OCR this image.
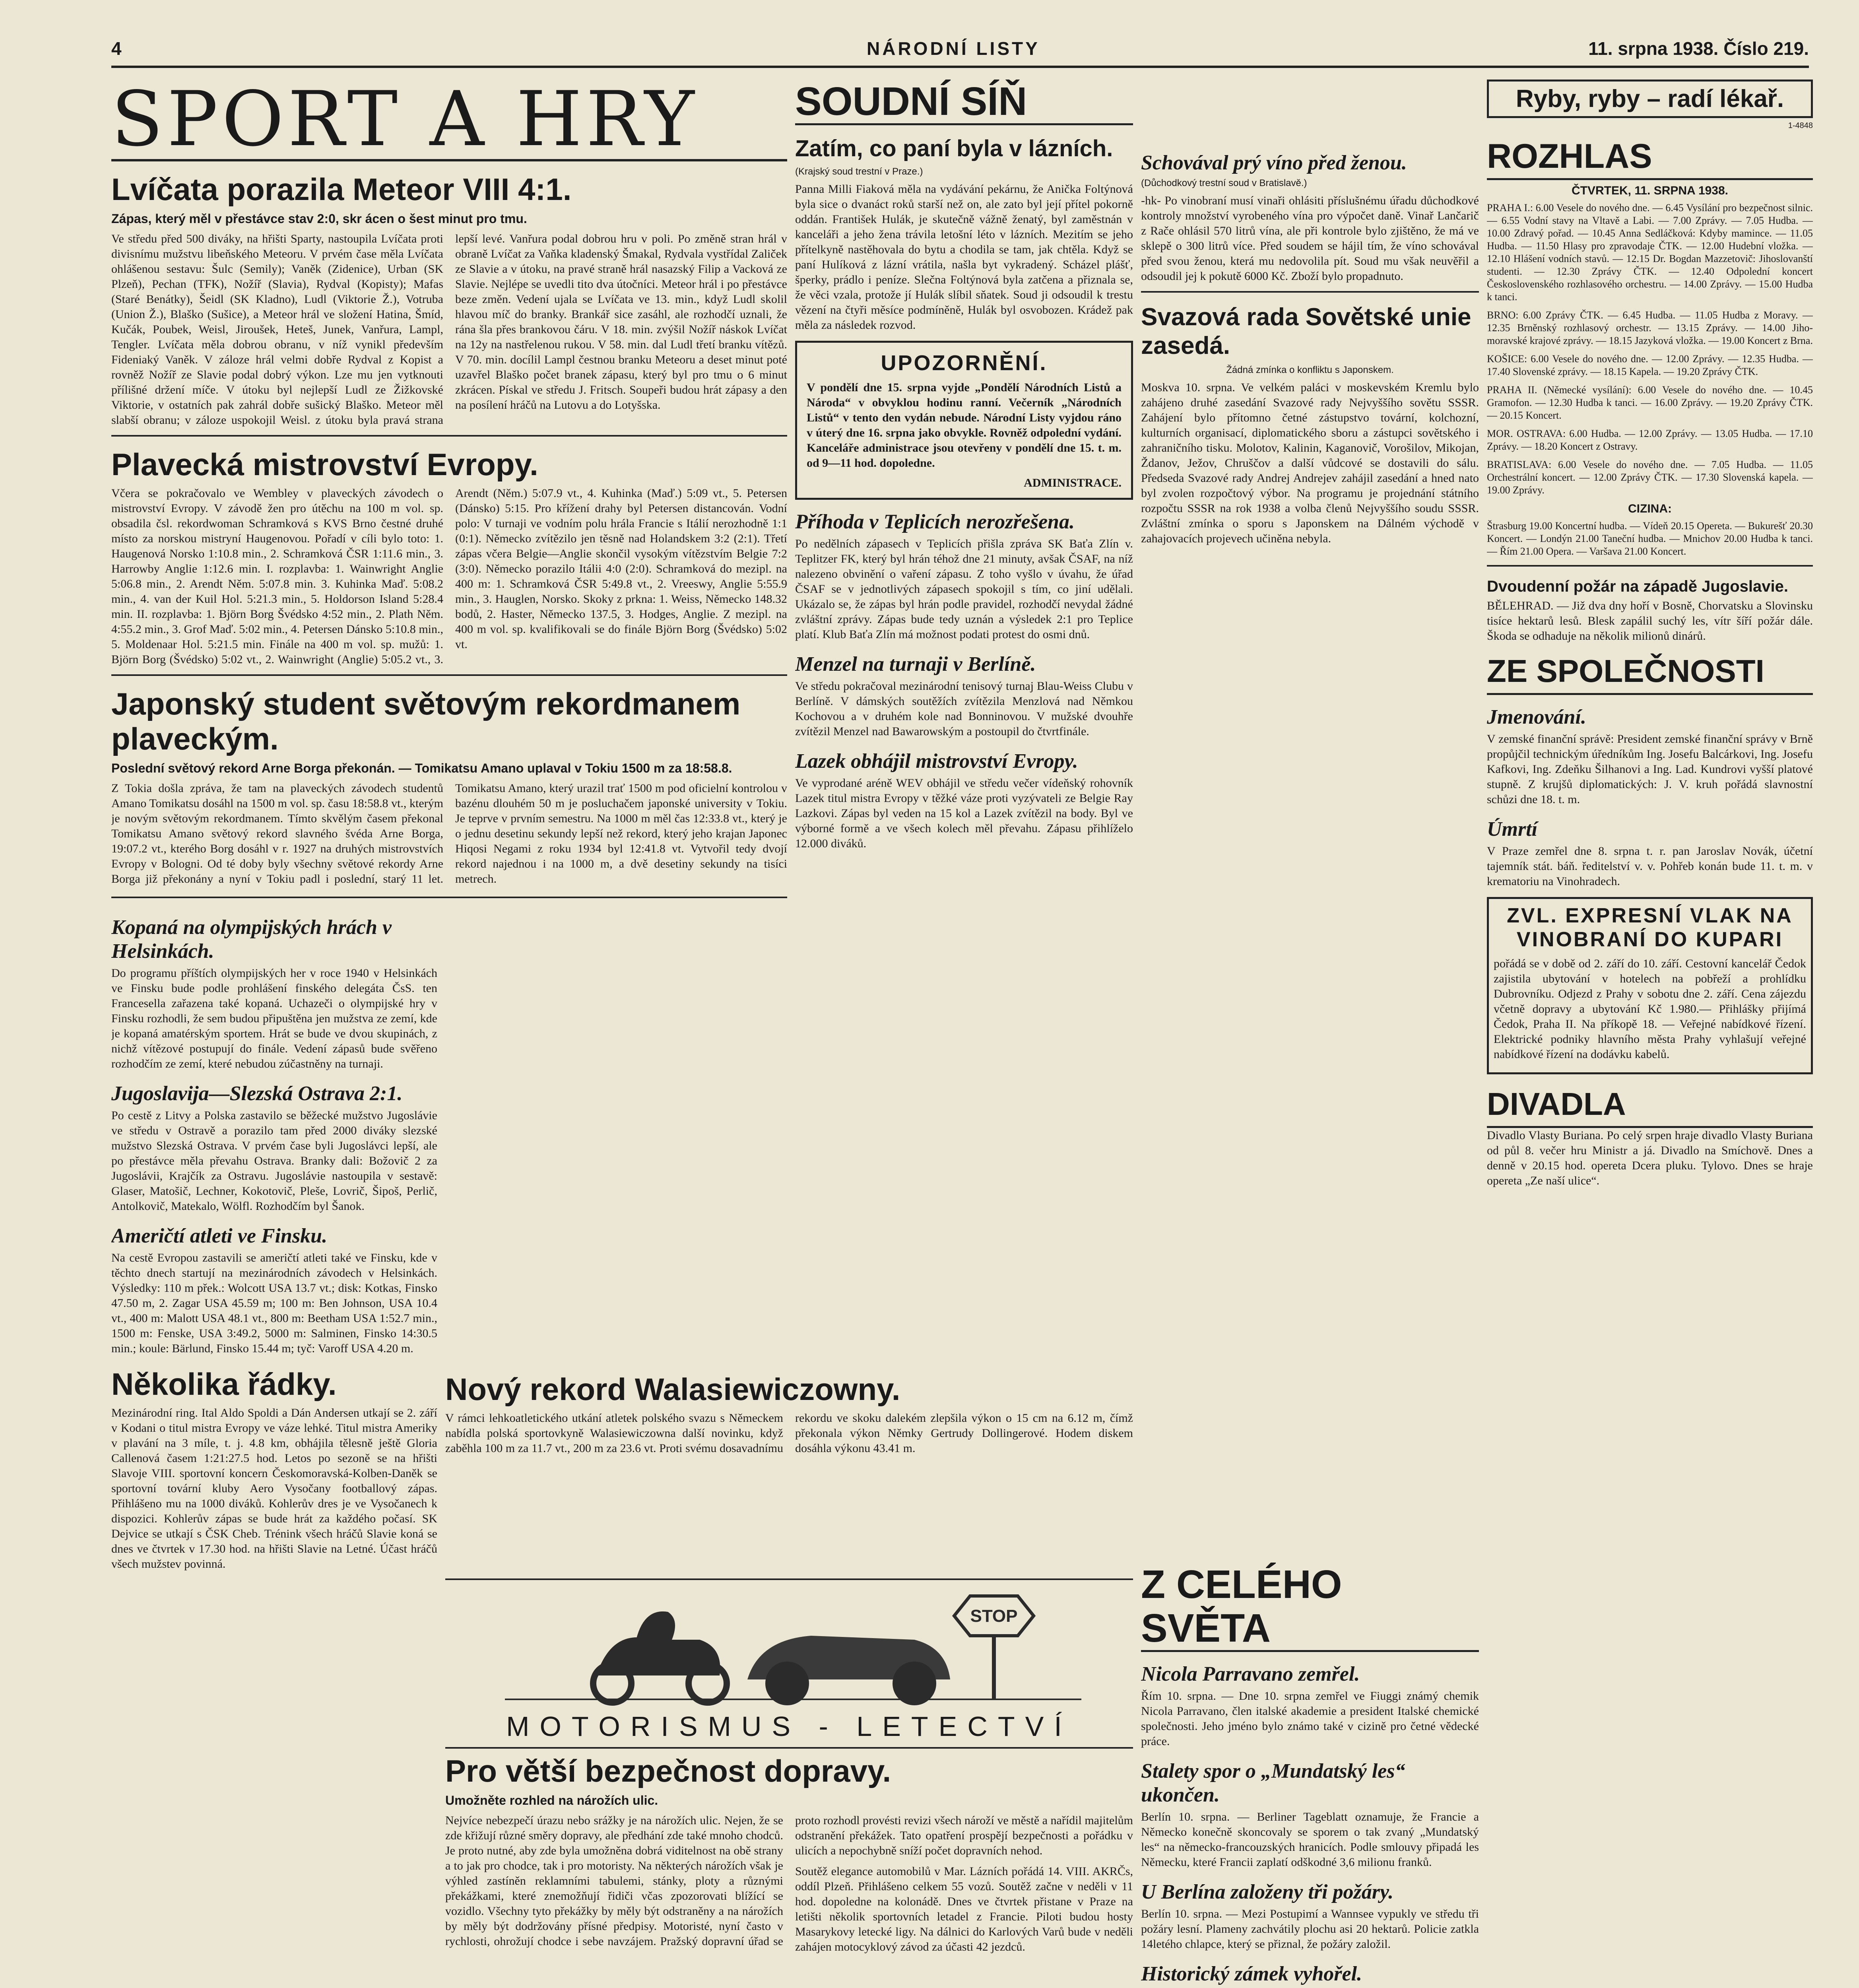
4	NÁRODNÍ LISTY	11. srpna 1938. Číslo 219.
SPORT A HRY
Lvíčata porazila Meteor VIII 4:1.

Zápas, který měl v přestávce stav 2:0, skr ácen o šest minut pro tmu.

Ve středu před 500 diváky, na hřišti Sparty, nastoupila Lvíčata proti divisnímu mužstvu libeňského Meteoru. V prvém čase měla Lvíčata ohlášenou sestavu: Šulc (Semily); Vaněk (Zidenice), Urban (SK Plzeň), Pechan (TFK), Nožíř (Slavia), Rydval (Kopisty); Mafas (Staré Benátky), Šeidl (SK Kladno), Ludl (Viktorie Ž.), Votruba (Union Ž.), Blaško (Sušice), a Meteor hrál ve složení Hatina, Šmíd, Kučák, Poubek, Weisl, Jiroušek, Heteš, Junek, Vanřura, Lampl, Tengler. Lvíčata měla dobrou obranu, v níž vynikl především Fideniaký Vaněk. V záloze hrál velmi dobře Rydval z Kopist a rovněž Nožíř ze Slavie podal dobrý výkon. Lze mu jen vytknouti přílišné držení míče. V útoku byl nejlepší Ludl ze Žižkovské Viktorie, v ostatních pak zahrál dobře sušický Blaško. Meteor měl slabší obranu; v záloze uspokojil Weisl. z útoku byla pravá strana lepší levé. Vanřura podal dobrou hru v poli. Po změně stran hrál v obraně Lvíčat za Vaňka kladenský Šmakal, Rydvala vystřídal Zaliček ze Slavie a v útoku, na pravé straně hrál nasazský Filip a Vacková ze Slavie. Nejlépe se uvedli tito dva útočníci. Meteor hrál i po přestávce beze změn. Vedení ujala se Lvíčata ve 13. min., když Ludl skolil hlavou míč do branky. Brankář sice zasáhl, ale rozhodčí uznali, že rána šla přes brankovou čáru. V 18. min. zvýšil Nožíř náskok Lvíčat na 12y na nastřelenou rukou. V 58. min. dal Ludl třetí branku vítězů. V 70. min. docílil Lampl čestnou branku Meteoru a deset minut poté uzavřel Blaško počet branek zápasu, který byl pro tmu o 6 minut zkrácen. Pískal ve středu J. Fritsch. Soupeři budou hrát zápasy a den na posílení hráčů na Lutovu a do Lotyšska.

Plavecká mistrovství Evropy.

Včera se pokračovalo ve Wembley v plaveckých závodech o mistrovství Evropy. V závodě žen pro útěchu na 100 m vol. sp. obsadila čsl. rekordwoman Schramková s KVS Brno čestné druhé místo za norskou mistryní Haugenovou. Pořadí v cíli bylo toto: 1. Haugenová Norsko 1:10.8 min., 2. Schramková ČSR 1:11.6 min., 3. Harrowby Anglie 1:12.6 min. I. rozplavba: 1. Wainwright Anglie 5:06.8 min., 2. Arendt Něm. 5:07.8 min. 3. Kuhinka Maď. 5:08.2 min., 4. van der Kuil Hol. 5:21.3 min., 5. Holdorson Island 5:28.4 min. II. rozplavba: 1. Björn Borg Švédsko 4:52 min., 2. Plath Něm. 4:55.2 min., 3. Grof Maď. 5:02 min., 4. Petersen Dánsko 5:10.8 min., 5. Moldenaar Hol. 5:21.5 min. Finále na 400 m vol. sp. mužů: 1. Björn Borg (Švédsko) 5:02 vt., 2. Wainwright (Anglie) 5:05.2 vt., 3. Arendt (Něm.) 5:07.9 vt., 4. Kuhinka (Maď.) 5:09 vt., 5. Petersen (Dánsko) 5:15. Pro křížení drahy byl Petersen distancován. Vodní polo: V turnaji ve vodním polu hrála Francie s Itálií nerozhodně 1:1 (0:1). Německo zvítězilo jen těsně nad Holandskem 3:2 (2:1). Třetí zápas včera Belgie—Anglie skončil vysokým vítězstvím Belgie 7:2 (3:0). Německo porazilo Itálii 4:0 (2:0). Schramková do mezipl. na 400 m: 1. Schramková ČSR 5:49.8 vt., 2. Vreeswy, Anglie 5:55.9 min., 3. Hauglen, Norsko. Skoky z prkna: 1. Weiss, Německo 148.32 bodů, 2. Haster, Německo 137.5, 3. Hodges, Anglie. Z mezipl. na 400 m vol. sp. kvalifikovali se do finále Björn Borg (Švédsko) 5:02 vt.

Japonský student světovým rekordmanem plaveckým.

Poslední světový rekord Arne Borga překonán. — Tomikatsu Amano uplaval v Tokiu 1500 m za 18:58.8.

Z Tokia došla zpráva, že tam na plaveckých závodech studentů Amano Tomikatsu dosáhl na 1500 m vol. sp. času 18:58.8 vt., kterým je novým světovým rekordmanem. Tímto skvělým časem překonal Tomikatsu Amano světový rekord slavného švéda Arne Borga, 19:07.2 vt., kterého Borg dosáhl v r. 1927 na druhých mistrovstvích Evropy v Bologni. Od té doby byly všechny světové rekordy Arne Borga již překonány a nyní v Tokiu padl i poslední, starý 11 let. Tomikatsu Amano, který urazil trať 1500 m pod oficielní kontrolou v bazénu dlouhém 50 m je posluchačem japonské university v Tokiu. Je teprve v prvním semestru. Na 1000 m měl čas 12:33.8 vt., který je o jednu desetinu sekundy lepší než rekord, který jeho krajan Japonec Hiqosi Negami z roku 1934 byl 12:41.8 vt. Vytvořil tedy dvojí rekord najednou i na 1000 m, a dvě desetiny sekundy na tisíci metrech.

Kopaná na olympijských hrách v Helsinkách.

Do programu příštích olympijských her v roce 1940 v Helsinkách ve Finsku bude podle prohlášení finského delegáta ČsS. ten Francesella zařazena také kopaná. Uchazeči o olympijské hry v Finsku rozhodli, že sem budou připuštěna jen mužstva ze zemí, kde je kopaná amatérským sportem. Hrát se bude ve dvou skupinách, z nichž vítězové postupují do finále. Vedení zápasů bude svěřeno rozhodčím ze zemí, které nebudou zúčastněny na turnaji.

Jugoslavija—Slezská Ostrava 2:1.

Po cestě z Litvy a Polska zastavilo se běžecké mužstvo Jugoslávie ve středu v Ostravě a porazilo tam před 2000 diváky slezské mužstvo Slezská Ostrava. V prvém čase byli Jugoslávci lepší, ale po přestávce měla převahu Ostrava. Branky dali: Božovič 2 za Jugoslávii, Krajčík za Ostravu. Jugoslávie nastoupila v sestavě: Glaser, Matošič, Lechner, Kokotovič, Pleše, Lovrič, Šipoš, Perlič, Antolkovič, Matekalo, Wölfl. Rozhodčím byl Šanok.

Američtí atleti ve Finsku.

Na cestě Evropou zastavili se američtí atleti také ve Finsku, kde v těchto dnech startují na mezinárodních závodech v Helsinkách. Výsledky: 110 m přek.: Wolcott USA 13.7 vt.; disk: Kotkas, Finsko 47.50 m, 2. Zagar USA 45.59 m; 100 m: Ben Johnson, USA 10.4 vt., 400 m: Malott USA 48.1 vt., 800 m: Beetham USA 1:52.7 min., 1500 m: Fenske, USA 3:49.2, 5000 m: Salminen, Finsko 14:30.5 min.; koule: Bärlund, Finsko 15.44 m; tyč: Varoff USA 4.20 m.

Několika řádky.

Mezinárodní ring. Ital Aldo Spoldi a Dán Andersen utkají se 2. září v Kodani o titul mistra Evropy ve váze lehké. Titul mistra Ameriky v plavání na 3 míle, t. j. 4.8 km, obhájila tělesně ještě Gloria Callenová časem 1:21:27.5 hod. Letos po sezoně se na hřišti Slavoje VIII. sportovní koncern Českomoravská-Kolben-Daněk se sportovní tovární kluby Aero Vysočany footballový zápas. Přihlášeno mu na 1000 diváků. Kohlerův dres je ve Vysočanech k dispozici. Kohlerův zápas se bude hrát za každého počasí. SK Dejvice se utkají s ČSK Cheb. Trénink všech hráčů Slavie koná se dnes ve čtvrtek v 17.30 hod. na hřišti Slavie na Letné. Účast hráčů všech mužstev povinná.

Nový rekord Walasiewiczowny.

V rámci lehkoatletického utkání atletek polského svazu s Německem nabídla polská sportovkyně Walasiewiczowna další novinku, když zaběhla 100 m za 11.7 vt., 200 m za 23.6 vt. Proti svému dosavadnímu rekordu ve skoku dalekém zlepšila výkon o 15 cm na 6.12 m, čímž překonala výkon Němky Gertrudy Dollingerové. Hodem diskem dosáhla výkonu 43.41 m.

STOP
MOTORISMUS - LETECTVÍ
Pro větší bezpečnost dopravy.

Umožněte rozhled na nárožích ulic.

Nejvíce nebezpečí úrazu nebo srážky je na nárožích ulic. Nejen, že se zde křižují různé směry dopravy, ale předhání zde také mnoho chodců. Je proto nutné, aby zde byla umožněna dobrá viditelnost na obě strany a to jak pro chodce, tak i pro motoristy. Na některých nárožích však je výhled zastíněn reklamními tabulemi, stánky, ploty a různými překážkami, které znemožňují řidiči včas zpozorovati blížící se vozidlo. Všechny tyto překážky by měly být odstraněny a na nárožích by měly být dodržovány přísné předpisy. Motoristé, nyní často v rychlosti, ohrožují chodce i sebe navzájem. Pražský dopravní úřad se proto rozhodl provésti revizi všech nároží ve městě a nařídil majitelům odstranění překážek. Tato opatření prospějí bezpečnosti a pořádku v ulicích a nepochybně sníží počet dopravních nehod.

Soutěž elegance automobilů v Mar. Lázních pořádá 14. VIII. AKRČs, oddíl Plzeň. Přihlášeno celkem 55 vozů. Soutěž začne v neděli v 11 hod. dopoledne na kolonádě. Dnes ve čtvrtek přistane v Praze na letišti několik sportovních letadel z Francie. Piloti budou hosty Masarykovy letecké ligy. Na dálnici do Karlových Varů bude v neděli zahájen motocyklový závod za účasti 42 jezdců.

SOUDNÍ SÍŇ
Zatím, co paní byla v lázních.

(Krajský soud trestní v Praze.)

Panna Milli Fiaková měla na vydávání pekárnu, že Anička Foltýnová byla sice o dvanáct roků starší než on, ale zato byl její přítel pokorně oddán. František Hulák, je skutečně vážně ženatý, byl zaměstnán v kanceláři a jeho žena trávila letošní léto v lázních. Mezitím se jeho přítelkyně nastěhovala do bytu a chodila se tam, jak chtěla. Když se paní Hulíková z lázní vrátila, našla byt vykradený. Scházel plášť, šperky, prádlo i peníze. Slečna Foltýnová byla zatčena a přiznala se, že věci vzala, protože jí Hulák slíbil sňatek. Soud ji odsoudil k trestu vězení na čtyři měsíce podmíněně, Hulák byl osvobozen. Krádež pak měla za následek rozvod.

UPOZORNĚNÍ.

V pondělí dne 15. srpna vyjde „Pondělí Národních Listů a Národa“ v obvyklou hodinu ranní. Večerník „Národních Listů“ v tento den vydán nebude. Národní Listy vyjdou ráno v úterý dne 16. srpna jako obvykle. Rovněž odpolední vydání. Kanceláře administrace jsou otevřeny v pondělí dne 15. t. m. od 9—11 hod. dopoledne.

ADMINISTRACE.

Příhoda v Teplicích nerozřešena.

Po nedělních zápasech v Teplicích přišla zpráva SK Baťa Zlín v. Teplitzer FK, který byl hrán téhož dne 21 minuty, avšak ČSAF, na níž nalezeno obvinění o vaření zápasu. Z toho vyšlo v úvahu, že úřad ČSAF se v jednotlivých zápasech spokojil s tím, co jiní udělali. Ukázalo se, že zápas byl hrán podle pravidel, rozhodčí nevydal žádné zvláštní zprávy. Zápas bude tedy uznán a výsledek 2:1 pro Teplice platí. Klub Baťa Zlín má možnost podati protest do osmi dnů.

Menzel na turnaji v Berlíně.

Ve středu pokračoval mezinárodní tenisový turnaj Blau-Weiss Clubu v Berlíně. V dámských soutěžích zvítězila Menzlová nad Němkou Kochovou a v druhém kole nad Bonninovou. V mužské dvouhře zvítězil Menzel nad Bawarowským a postoupil do čtvrtfinále.

Lazek obhájil mistrovství Evropy.

Ve vyprodané aréně WEV obhájil ve středu večer vídeňský rohovník Lazek titul mistra Evropy v těžké váze proti vyzývateli ze Belgie Ray Lazkovi. Zápas byl veden na 15 kol a Lazek zvítězil na body. Byl ve výborné formě a ve všech kolech měl převahu. Zápasu přihlíželo 12.000 diváků.

Schovával prý víno před ženou.

(Důchodkový trestní soud v Bratislavě.)

-hk- Po vinobraní musí vinaři ohlásiti příslušnému úřadu důchodkové kontroly množství vyrobeného vína pro výpočet daně. Vinař Lančarič z Rače ohlásil 570 litrů vína, ale při kontrole bylo zjištěno, že má ve sklepě o 300 litrů více. Před soudem se hájil tím, že víno schovával před svou ženou, která mu nedovolila pít. Soud mu však neuvěřil a odsoudil jej k pokutě 6000 Kč. Zboží bylo propadnuto.

Svazová rada Sovětské unie zasedá.

Žádná zmínka o konfliktu s Japonskem.

Moskva 10. srpna. Ve velkém paláci v moskevském Kremlu bylo zahájeno druhé zasedání Svazové rady Nejvyššího sovětu SSSR. Zahájení bylo přítomno četné zástupstvo tovární, kolchozní, kulturních organisací, diplomatického sboru a zástupci sovětského i zahraničního tisku. Molotov, Kalinin, Kaganovič, Vorošilov, Mikojan, Ždanov, Ježov, Chruščov a další vůdcové se dostavili do sálu. Předseda Svazové rady Andrej Andrejev zahájil zasedání a hned nato byl zvolen rozpočtový výbor. Na programu je projednání státního rozpočtu SSSR na rok 1938 a volba členů Nejvyššího soudu SSSR. Zvláštní zmínka o sporu s Japonskem na Dálném východě v zahajovacích projevech učiněna nebyla.

Z CELÉHO SVĚTA
Nicola Parravano zemřel.

Řím 10. srpna. — Dne 10. srpna zemřel ve Fiuggi známý chemik Nicola Parravano, člen italské akademie a president Italské chemické společnosti. Jeho jméno bylo známo také v cizině pro četné vědecké práce.

Stalety spor o „Mundatský les“ ukončen.

Berlín 10. srpna. — Berliner Tageblatt oznamuje, že Francie a Německo konečně skoncovaly se sporem o tak zvaný „Mundatský les“ na německo-francouzských hranicích. Podle smlouvy připadá les Německu, které Francii zaplatí odškodné 3,6 milionu franků.

U Berlína založeny tři požáry.

Berlín 10. srpna. — Mezi Postupimí a Wannsee vypukly ve středu tři požáry lesní. Plameny zachvátily plochu asi 20 hektarů. Policie zatkla 14letého chlapce, který se přiznal, že požáry založil.

Historický zámek vyhořel.

Ryby, ryby – radí lékař.

1-4848

ROZHLAS

ČTVRTEK, 11. SRPNA 1938.

PRAHA I.: 6.00 Vesele do nového dne. — 6.45 Vysílání pro bezpečnost silnic. — 6.55 Vodní stavy na Vltavě a Labi. — 7.00 Zprávy. — 7.05 Hudba. — 10.00 Zdravý pořad. — 10.45 Anna Sedláčková: Kdyby mamince. — 11.05 Hudba. — 11.50 Hlasy pro zpravodaje ČTK. — 12.00 Hudební vložka. — 12.10 Hlášení vodních stavů. — 12.15 Dr. Bogdan Mazzetovič: Jihoslovanští studenti. — 12.30 Zprávy ČTK. — 12.40 Odpolední koncert Československého rozhlasového orchestru. — 14.00 Zprávy. — 15.00 Hudba k tanci.

BRNO: 6.00 Zprávy ČTK. — 6.45 Hudba. — 11.05 Hudba z Moravy. — 12.35 Brněnský rozhlasový orchestr. — 13.15 Zprávy. — 14.00 Jiho-moravské krajové zprávy. — 18.15 Jazyková vložka. — 19.00 Koncert z Brna.

KOŠICE: 6.00 Vesele do nového dne. — 12.00 Zprávy. — 12.35 Hudba. — 17.40 Slovenské zprávy. — 18.15 Kapela. — 19.20 Zprávy ČTK.

PRAHA II. (Německé vysílání): 6.00 Vesele do nového dne. — 10.45 Gramofon. — 12.30 Hudba k tanci. — 16.00 Zprávy. — 19.20 Zprávy ČTK. — 20.15 Koncert.

MOR. OSTRAVA: 6.00 Hudba. — 12.00 Zprávy. — 13.05 Hudba. — 17.10 Zprávy. — 18.20 Koncert z Ostravy.

BRATISLAVA: 6.00 Vesele do nového dne. — 7.05 Hudba. — 11.05 Orchestrální koncert. — 12.00 Zprávy ČTK. — 17.30 Slovenská kapela. — 19.00 Zprávy.

CIZINA:

Štrasburg 19.00 Koncertní hudba. — Vídeň 20.15 Opereta. — Bukurešť 20.30 Koncert. — Londýn 21.00 Taneční hudba. — Mnichov 20.00 Hudba k tanci. — Řím 21.00 Opera. — Varšava 21.00 Koncert.

Dvoudenní požár na západě Jugoslavie.

BĚLEHRAD. — Již dva dny hoří v Bosně, Chorvatsku a Slovinsku tisíce hektarů lesů. Blesk zapálil suchý les, vítr šíří požár dále. Škoda se odhaduje na několik milionů dinárů.

ZE SPOLEČNOSTI
Jmenování.

V zemské finanční správě: President zemské finanční správy v Brně propůjčil technickým úředníkům Ing. Josefu Balcárkovi, Ing. Josefu Kafkovi, Ing. Zdeňku Šilhanovi a Ing. Lad. Kundrovi vyšší platové stupně. Z krujšů diplomatických: J. V. kruh pořádá slavnostní schůzi dne 18. t. m.

Úmrtí

V Praze zemřel dne 8. srpna t. r. pan Jaroslav Novák, účetní tajemník stát. báň. ředitelství v. v. Pohřeb konán bude 11. t. m. v krematoriu na Vinohradech.

ZVL. EXPRESNÍ VLAK NA VINOBRANÍ DO KUPARI

pořádá se v době od 2. září do 10. září. Cestovní kancelář Čedok zajistila ubytování v hotelech na pobřeží a prohlídku Dubrovníku. Odjezd z Prahy v sobotu dne 2. září. Cena zájezdu včetně dopravy a ubytování Kč 1.980.— Přihlášky přijímá Čedok, Praha II. Na příkopě 18. — Veřejné nabídkové řízení. Elektrické podniky hlavního města Prahy vyhlašují veřejné nabídkové řízení na dodávku kabelů.

DIVADLA

Divadlo Vlasty Buriana. Po celý srpen hraje divadlo Vlasty Buriana od půl 8. večer hru Ministr a já. Divadlo na Smíchově. Dnes a denně v 20.15 hod. opereta Dcera pluku. Tylovo. Dnes se hraje opereta „Ze naší ulice“.
